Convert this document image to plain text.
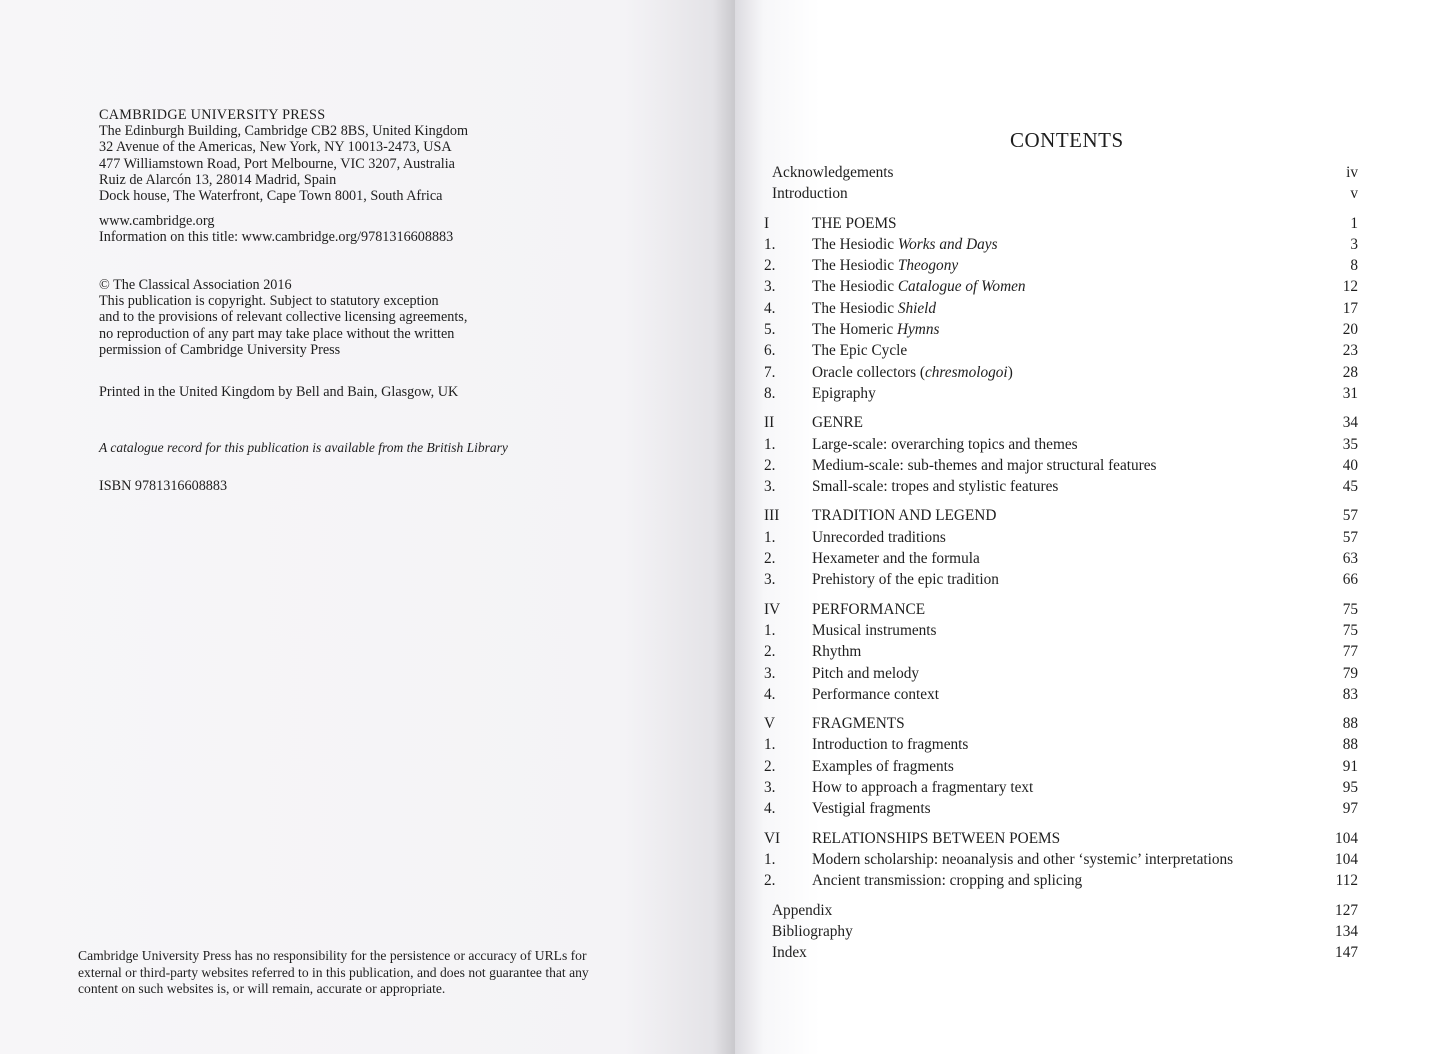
CAMBRIDGE UNIVERSITY PRESS
The Edinburgh Building, Cambridge CB2 8BS, United Kingdom
32 Avenue of the Americas, New York, NY 10013-2473, USA
477 Williamstown Road, Port Melbourne, VIC 3207, Australia
Ruiz de Alarcón 13, 28014 Madrid, Spain
Dock house, The Waterfront, Cape Town 8001, South Africa
www.cambridge.org
Information on this title: www.cambridge.org/9781316608883
© The Classical Association 2016
This publication is copyright. Subject to statutory exception
and to the provisions of relevant collective licensing agreements,
no reproduction of any part may take place without the written
permission of Cambridge University Press
Printed in the United Kingdom by Bell and Bain, Glasgow, UK
A catalogue record for this publication is available from the British Library
ISBN 9781316608883
Cambridge University Press has no responsibility for the persistence or accuracy of URLs for
external or third-party websites referred to in this publication, and does not guarantee that any
content on such websites is, or will remain, accurate or appropriate.
CONTENTS
Acknowledgements	iv
Introduction	v
I	THE POEMS	1
1.	The Hesiodic Works and Days	3
2.	The Hesiodic Theogony	8
3.	The Hesiodic Catalogue of Women	12
4.	The Hesiodic Shield	17
5.	The Homeric Hymns	20
6.	The Epic Cycle	23
7.	Oracle collectors (chresmologoi)	28
8.	Epigraphy	31
II	GENRE	34
1.	Large-scale: overarching topics and themes	35
2.	Medium-scale: sub-themes and major structural features	40
3.	Small-scale: tropes and stylistic features	45
III	TRADITION AND LEGEND	57
1.	Unrecorded traditions	57
2.	Hexameter and the formula	63
3.	Prehistory of the epic tradition	66
IV	PERFORMANCE	75
1.	Musical instruments	75
2.	Rhythm	77
3.	Pitch and melody	79
4.	Performance context	83
V	FRAGMENTS	88
1.	Introduction to fragments	88
2.	Examples of fragments	91
3.	How to approach a fragmentary text	95
4.	Vestigial fragments	97
VI	RELATIONSHIPS BETWEEN POEMS	104
1.	Modern scholarship: neoanalysis and other ‘systemic’ interpretations	104
2.	Ancient transmission: cropping and splicing	112
Appendix	127
Bibliography	134
Index	147
